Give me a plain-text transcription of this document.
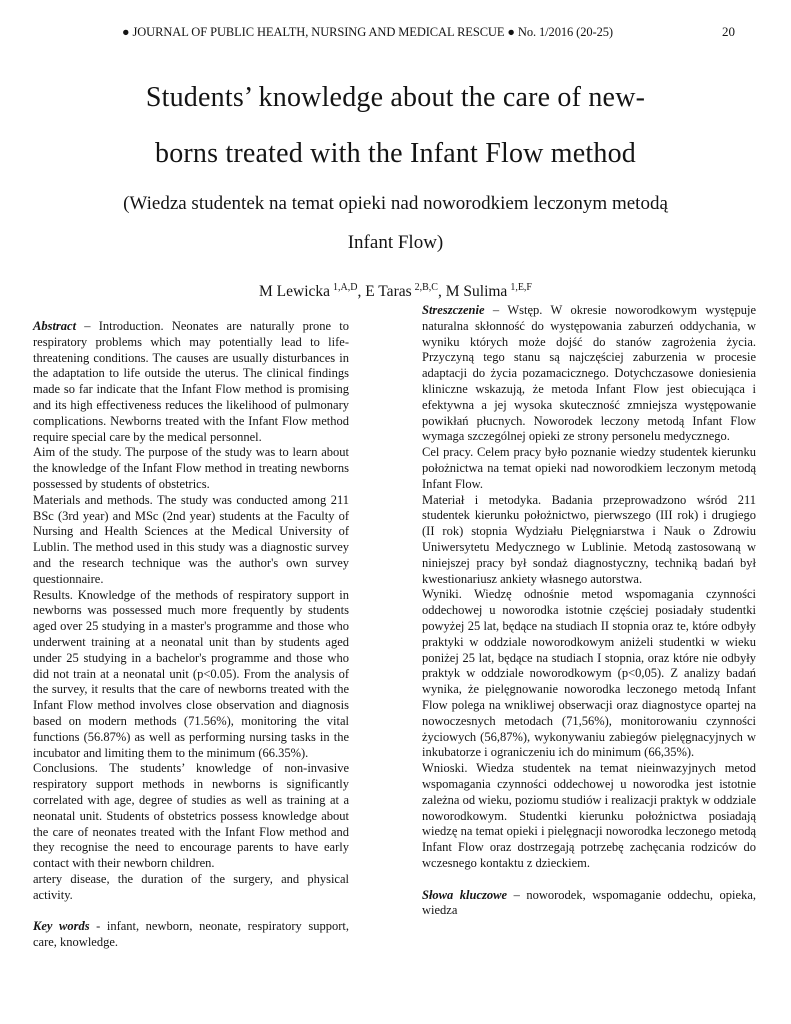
● JOURNAL OF PUBLIC HEALTH, NURSING AND MEDICAL RESCUE ● No. 1/2016 (20-25)	20
Students’ knowledge about the care of new-
borns treated with the Infant Flow method
(Wiedza studentek na temat opieki nad noworodkiem leczonym metodą
Infant Flow)
M Lewicka $^{1,A,D}$, E Taras $^{2,B,C}$, M Sulima $^{1,E,F}$

Abstract – Introduction. Neonates are naturally prone to respiratory problems which may potentially lead to life-threatening conditions. The causes are usually disturbances in the adaptation to life outside the uterus. The clinical findings made so far indicate that the Infant Flow method is promising and its high effectiveness reduces the likelihood of pulmonary complications. Newborns treated with the Infant Flow method require special care by the medical personnel.

Aim of the study. The purpose of the study was to learn about the knowledge of the Infant Flow method in treating newborns possessed by students of obstetrics.

Materials and methods. The study was conducted among 211 BSc (3rd year) and MSc (2nd year) students at the Faculty of Nursing and Health Sciences at the Medical University of Lublin. The method used in this study was a diagnostic survey and the research technique was the author's own survey questionnaire.

Results. Knowledge of the methods of respiratory support in newborns was possessed much more frequently by students aged over 25 studying in a master's programme and those who underwent training at a neonatal unit than by students aged under 25 studying in a bachelor's programme and those who did not train at a neonatal unit (p<0.05). From the analysis of the survey, it results that the care of newborns treated with the Infant Flow method involves close observation and diagnosis based on modern methods (71.56%), monitoring the vital functions (56.87%) as well as performing nursing tasks in the incubator and limiting them to the minimum (66.35%).

Conclusions. The students’ knowledge of non-invasive respiratory support methods in newborns is significantly correlated with age, degree of studies as well as training at a neonatal unit. Students of obstetrics possess knowledge about the care of neonates treated with the Infant Flow method and they recognise the need to encourage parents to have early contact with their newborn children.

artery disease, the duration of the surgery, and physical activity.

Key words - infant, newborn, neonate, respiratory support, care, knowledge.

Streszczenie – Wstęp. W okresie noworodkowym występuje naturalna skłonność do występowania zaburzeń oddychania, w wyniku których może dojść do stanów zagrożenia życia. Przyczyną tego stanu są najczęściej zaburzenia w procesie adaptacji do życia pozamacicznego. Dotychczasowe doniesienia kliniczne wskazują, że metoda Infant Flow jest obiecująca i efektywna a jej wysoka skuteczność zmniejsza występowanie powikłań płucnych. Noworodek leczony metodą Infant Flow wymaga szczególnej opieki ze strony personelu medycznego.

Cel pracy. Celem pracy było poznanie wiedzy studentek kierunku położnictwa na temat opieki nad noworodkiem leczonym metodą Infant Flow.

Materiał i metodyka. Badania przeprowadzono wśród 211 studentek kierunku położnictwo, pierwszego (III rok) i drugiego (II rok) stopnia Wydziału Pielęgniarstwa i Nauk o Zdrowiu Uniwersytetu Medycznego w Lublinie. Metodą zastosowaną w niniejszej pracy był sondaż diagnostyczny, techniką badań był kwestionariusz ankiety własnego autorstwa.

Wyniki. Wiedzę odnośnie metod wspomagania czynności oddechowej u noworodka istotnie częściej posiadały studentki powyżej 25 lat, będące na studiach II stopnia oraz te, które odbyły praktyki w oddziale noworodkowym aniżeli studentki w wieku poniżej 25 lat, będące na studiach I stopnia, oraz które nie odbyły praktyk w oddziale noworodkowym (p<0,05). Z analizy badań wynika, że pielęgnowanie noworodka leczonego metodą Infant Flow polega na wnikliwej obserwacji oraz diagnostyce opartej na nowoczesnych metodach (71,56%), monitorowaniu czynności życiowych (56,87%), wykonywaniu zabiegów pielęgnacyjnych w inkubatorze i ograniczeniu ich do minimum (66,35%).

Wnioski. Wiedza studentek na temat nieinwazyjnych metod wspomagania czynności oddechowej u noworodka jest istotnie zależna od wieku, poziomu studiów i realizacji praktyk w oddziale noworodkowym. Studentki kierunku położnictwa posiadają wiedzę na temat opieki i pielęgnacji noworodka leczonego metodą Infant Flow oraz dostrzegają potrzebę zachęcania rodziców do wczesnego kontaktu z dzieckiem.

Słowa kluczowe – noworodek, wspomaganie oddechu, opieka, wiedza
